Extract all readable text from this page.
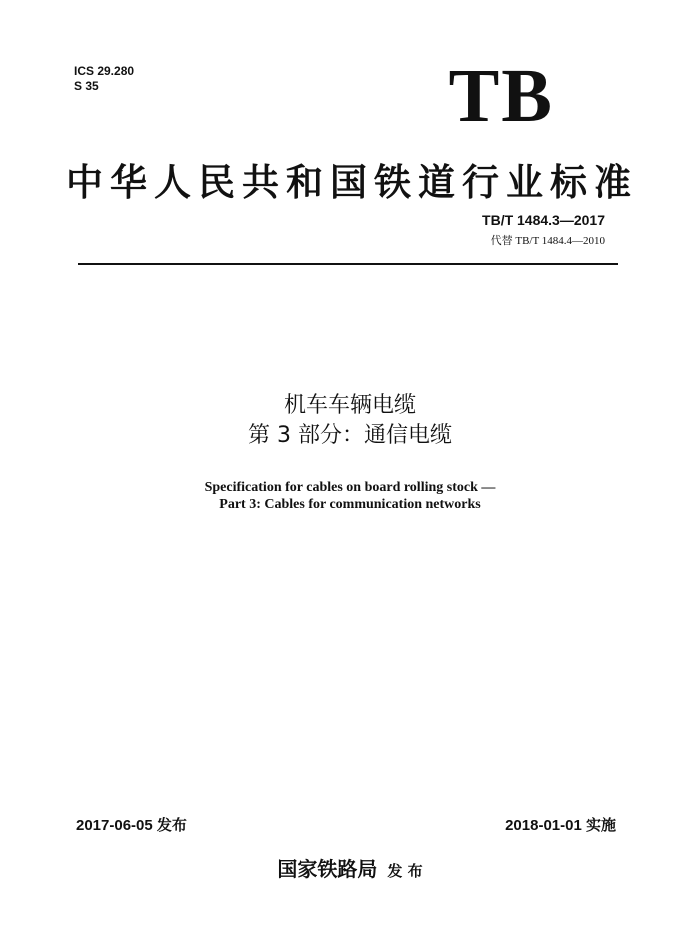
ICS 29.280
S 35	TB
中华人民共和国铁道行业标准
TB/T 1484.3—2017
代替 TB/T 1484.4—2010
机车车辆电缆
第 3 部分：通信电缆
Specification for cables on board rolling stock —
Part 3: Cables for communication networks
2017-06-05 发布	2018-01-01 实施
国家铁路局 发 布
